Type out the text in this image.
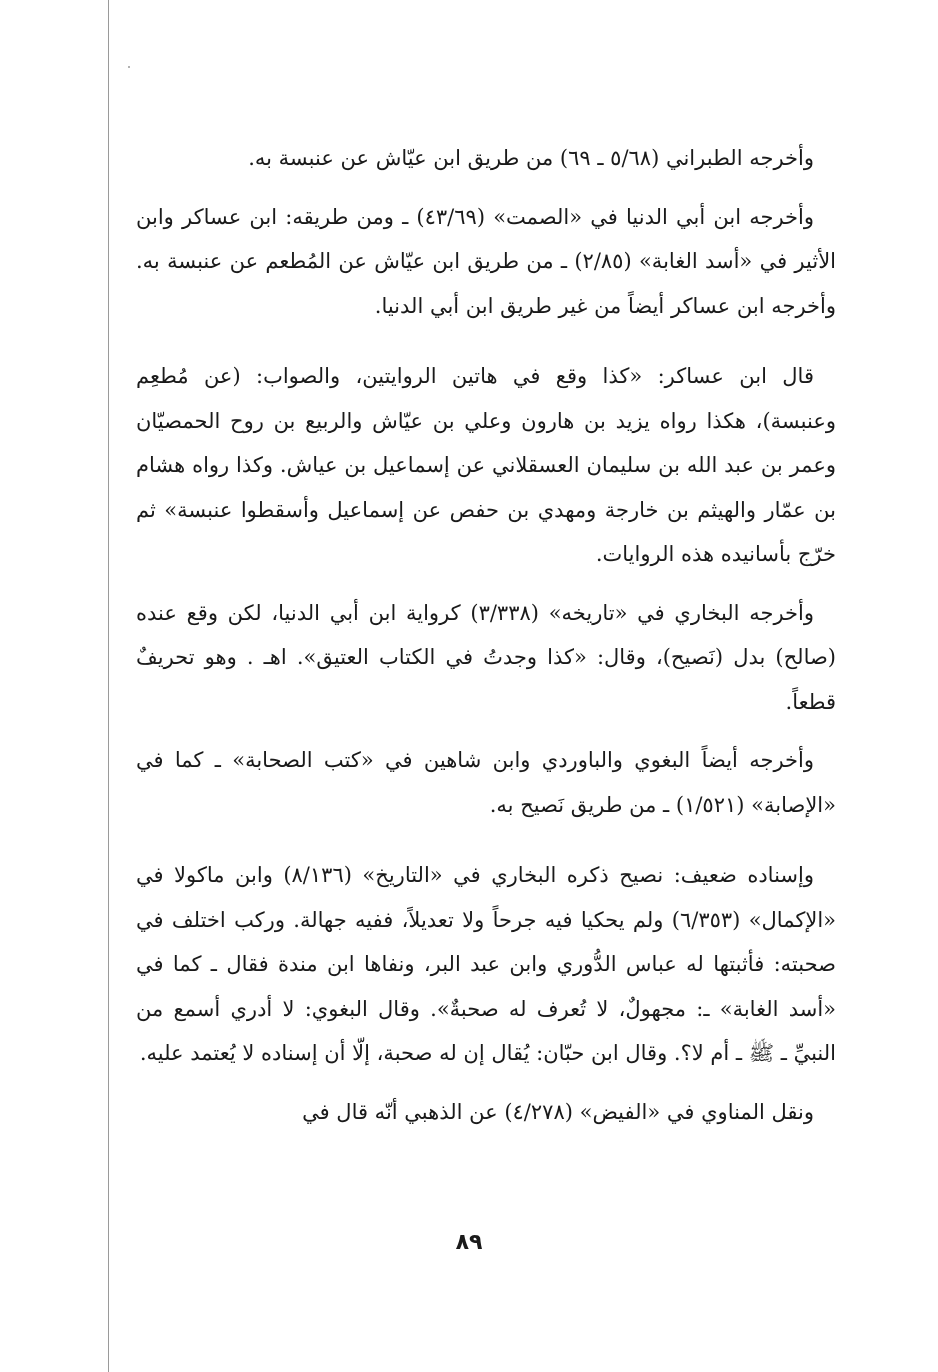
وأخرجه الطبراني (٥/٦٨ ـ ٦٩) من طريق ابن عيّاش عن عنبسة به.

وأخرجه ابن أبي الدنيا في «الصمت» (٤٣/٦٩) ـ ومن طريقه: ابن عساكر وابن الأثير في «أسد الغابة» (٢/٨٥) ـ من طريق ابن عيّاش عن المُطعم عن عنبسة به. وأخرجه ابن عساكر أيضاً من غير طريق ابن أبي الدنيا.

قال ابن عساكر: «كذا وقع في هاتين الروايتين، والصواب: (عن مُطعِم وعنبسة)، هكذا رواه يزيد بن هارون وعلي بن عيّاش والربيع بن روح الحمصيّان وعمر بن عبد الله بن سليمان العسقلاني عن إسماعيل بن عياش. وكذا رواه هشام بن عمّار والهيثم بن خارجة ومهدي بن حفص عن إسماعيل وأسقطوا عنبسة» ثم خرّج بأسانيده هذه الروايات.

وأخرجه البخاري في «تاريخه» (٣/٣٣٨) كرواية ابن أبي الدنيا، لكن وقع عنده (صالح) بدل (نَصيح)، وقال: «كذا وجدتُ في الكتاب العتيق». اهـ . وهو تحريفٌ قطعاً.

وأخرجه أيضاً البغوي والباوردي وابن شاهين في «كتب الصحابة» ـ كما في «الإصابة» (١/٥٢١) ـ من طريق نَصيح به.

وإسناده ضعيف: نصيح ذكره البخاري في «التاريخ» (٨/١٣٦) وابن ماكولا في «الإكمال» (٦/٣٥٣) ولم يحكيا فيه جرحاً ولا تعديلاً، ففيه جهالة. وركب اختلف في صحبته: فأثبتها له عباس الدُّوري وابن عبد البر، ونفاها ابن مندة فقال ـ كما في «أسد الغابة» ـ: مجهولٌ، لا تُعرف له صحبةٌ». وقال البغوي: لا أدري أسمع من النبيِّ ـ ﷺ ـ أم لا؟. وقال ابن حبّان: يُقال إن له صحبة، إلّا أن إسناده لا يُعتمد عليه.

ونقل المناوي في «الفيض» (٤/٢٧٨) عن الذهبي أنّه قال في

٨٩
